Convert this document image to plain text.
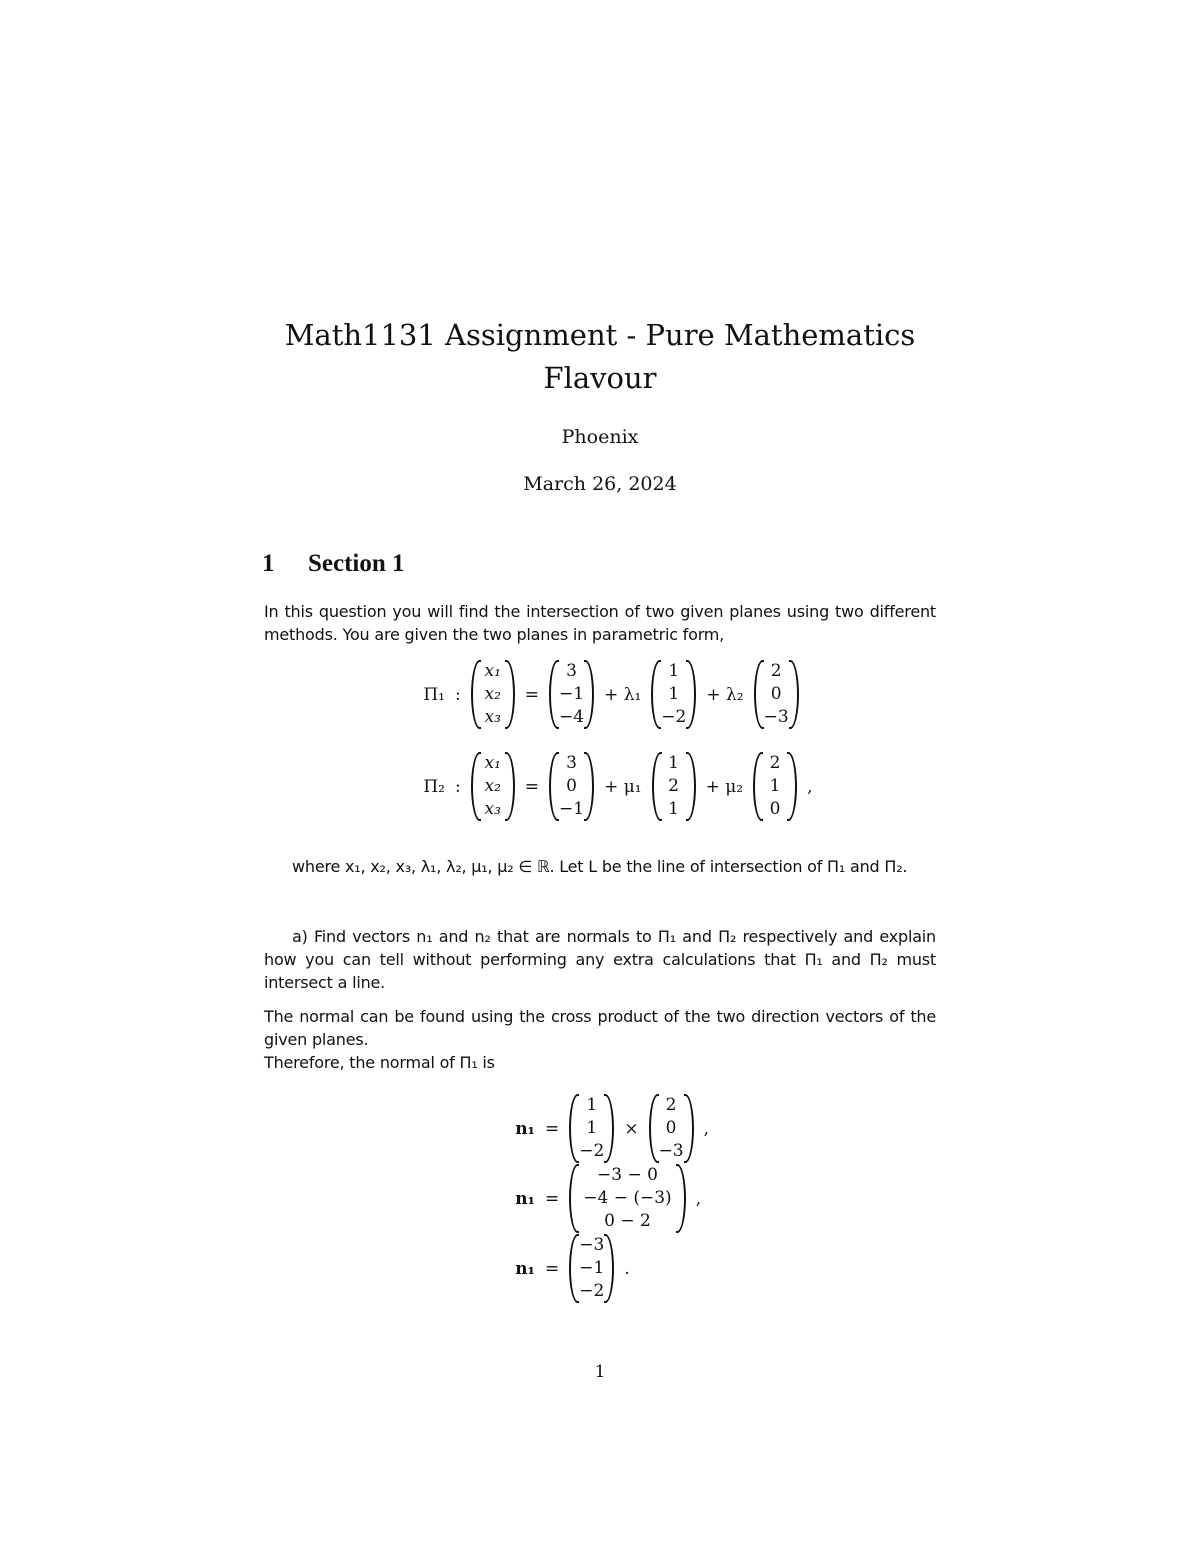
Math1131 Assignment - Pure Mathematics
Flavour
Phoenix
March 26, 2024
1 Section 1
In this question you will find the intersection of two given planes using two different methods. You are given the two planes in parametric form,
Π₁ :
x₁
x₂
x₃
=
3
−1
−4
+ λ₁
1
1
−2
+ λ₂
2
0
−3
Π₂ :
x₁
x₂
x₃
=
3
0
−1
+ μ₁
1
2
1
+ μ₂
2
1
0
,
where x₁, x₂, x₃, λ₁, λ₂, μ₁, μ₂ ∈ ℝ. Let L be the line of intersection of Π₁ and Π₂.
a) Find vectors n₁ and n₂ that are normals to Π₁ and Π₂ respectively and explain how you can tell without performing any extra calculations that Π₁ and Π₂ must intersect a line.
The normal can be found using the cross product of the two direction vectors of the given planes.
Therefore, the normal of Π₁ is
n₁ =
1
1
−2
×
2
0
−3
,
n₁ =
−3 − 0
−4 − (−3)
0 − 2
,
n₁ =
−3
−1
−2
.
1
